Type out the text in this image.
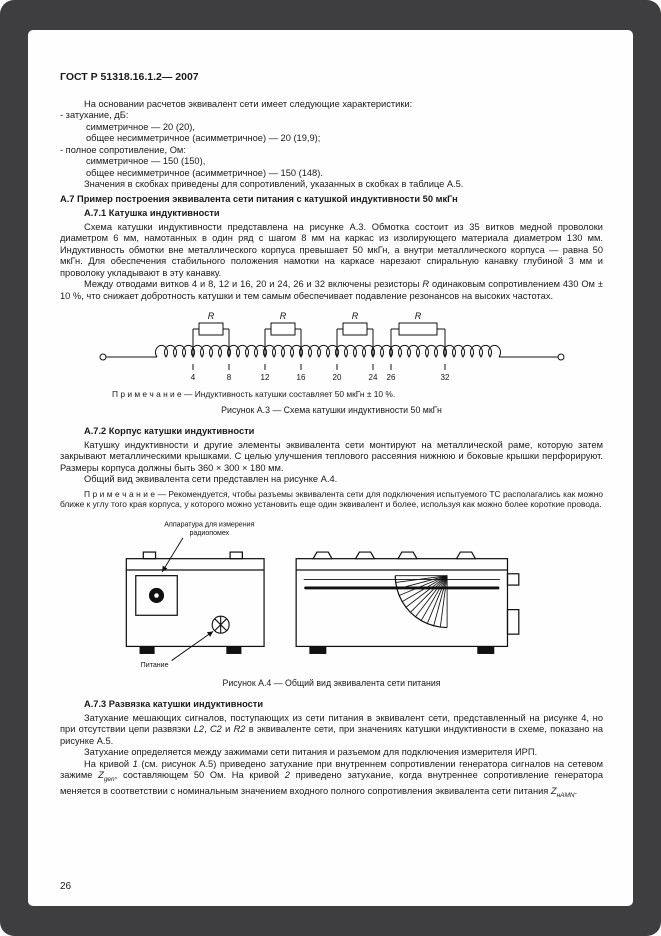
ГОСТ Р 51318.16.1.2— 2007

На основании расчетов эквивалент сети имеет следующие характеристики:

- затухание, дБ:

симметричное — 20 (20),

общее несимметричное (асимметричное) — 20 (19,9);

- полное сопротивление, Ом:

симметричное — 150 (150),

общее несимметричное (асимметричное) — 150 (148).

Значения в скобках приведены для сопротивлений, указанных в скобках в таблице А.5.

А.7 Пример построения эквивалента сети питания с катушкой индуктивности 50 мкГн

А.7.1 Катушка индуктивности

Схема катушки индуктивности представлена на рисунке А.3. Обмотка состоит из 35 витков медной проволоки диаметром 6 мм, намотанных в один ряд с шагом 8 мм на каркас из изолирующего материала диаметром 130 мм. Индуктивность обмотки вне металлического корпуса превышает 50 мкГн, а внутри металлического корпуса — равна 50 мкГн. Для обеспечения стабильного положения намотки на каркасе нарезают спиральную канавку глубиной 3 мм и проволоку укладывают в эту канавку.

Между отводами витков 4 и 8, 12 и 16, 20 и 24, 26 и 32 включены резисторы R одинаковым сопротивлением 430 Ом ± 10 %, что снижает добротность катушки и тем самым обеспечивает подавление резонансов на высоких частотах.

R	R	R	R
4	8	12	16	20	24 26	32

П р и м е ч а н и е — Индуктивность катушки составляет 50 мкГн ± 10 %.

Рисунок А.3 — Схема катушки индуктивности 50 мкГн

А.7.2 Корпус катушки индуктивности

Катушку индуктивности и другие элементы эквивалента сети монтируют на металлической раме, которую затем закрывают металлическими крышками. С целью улучшения теплового рассеяния нижнюю и боковые крышки перфорируют. Размеры корпуса должны быть 360 × 300 × 180 мм.

Общий вид эквивалента сети представлен на рисунке А.4.

П р и м е ч а н и е — Рекомендуется, чтобы разъемы эквивалента сети для подключения испытуемого ТС располагались как можно ближе к углу того края корпуса, у которого можно установить еще один эквивалент и более, используя как можно более короткие провода.

Аппаратура для измерения
радиопомех
Питание

Рисунок А.4 — Общий вид эквивалента сети питания

А.7.3 Развязка катушки индуктивности

Затухание мешающих сигналов, поступающих из сети питания в эквивалент сети, представленный на рисунке 4, но при отсутствии цепи развязки L2, С2 и R2 в эквиваленте сети, при значениях катушки индуктивности в схеме, показано на рисунке А.5.

Затухание определяется между зажимами сети питания и разъемом для подключения измерителя ИРП.

На кривой 1 (см. рисунок А.5) приведено затухание при внутреннем сопротивлении генератора сигналов на сетевом зажиме $Z_{gen}$, составляющем 50 Ом. На кривой 2 приведено затухание, когда внутреннее сопротивление генератора меняется в соответствии с номинальным значением входного полного сопротивления эквивалента сети питания $Z_{нАМN}$.

26
